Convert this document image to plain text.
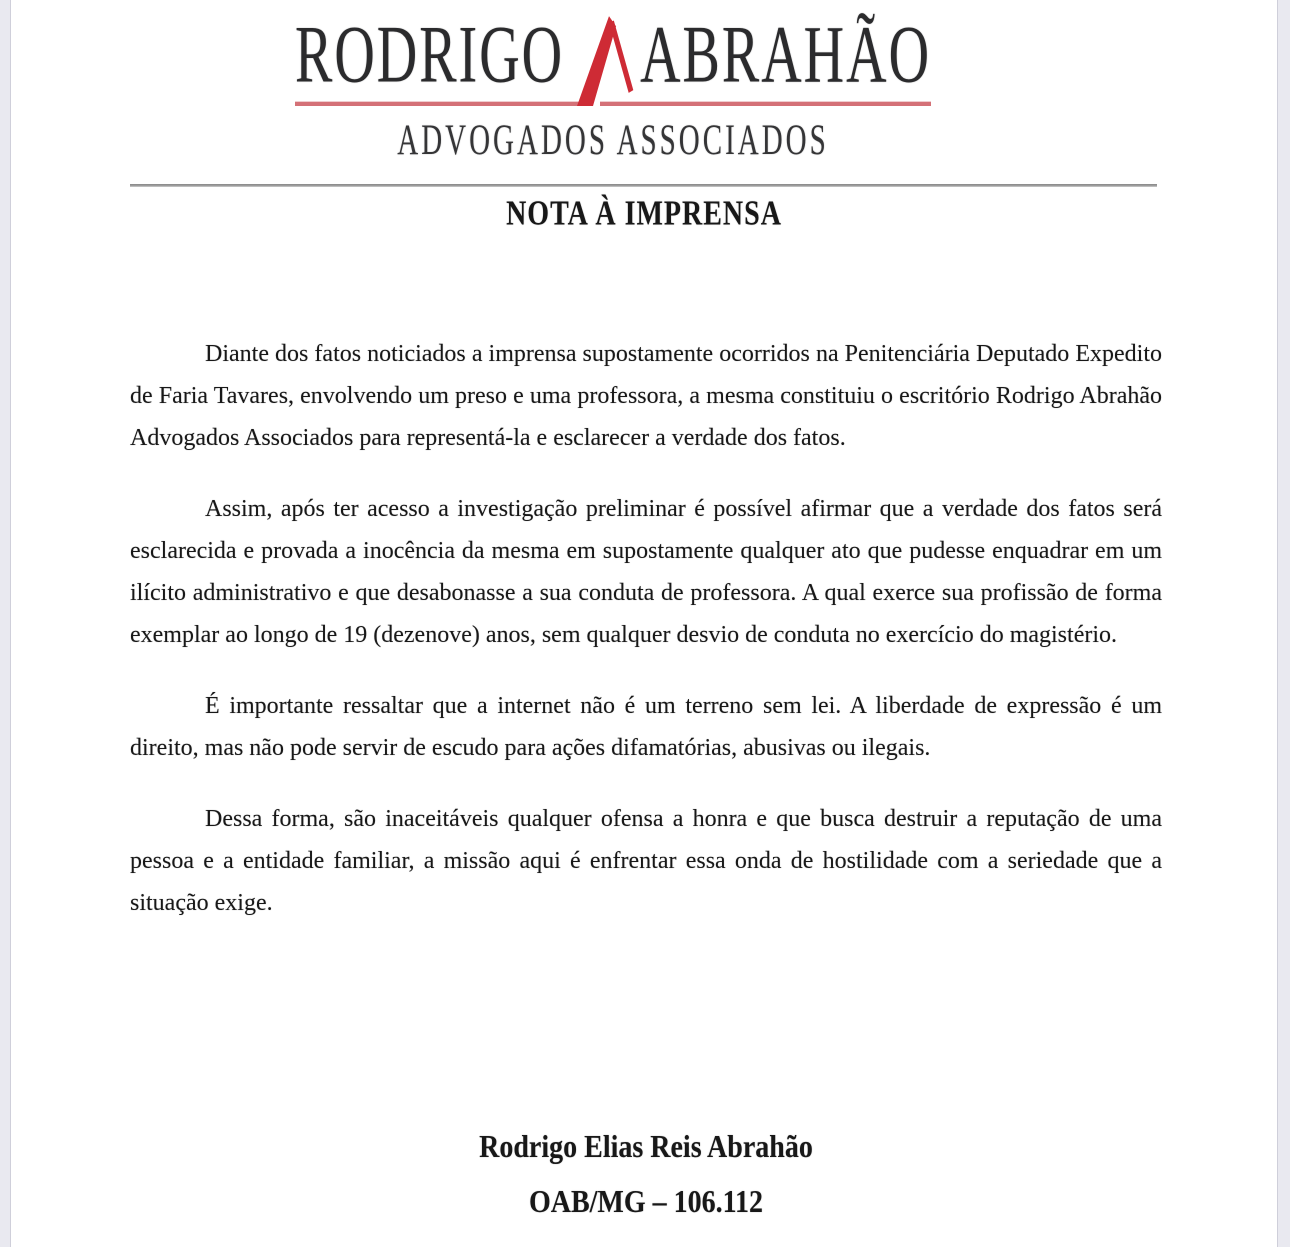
RODRIGO	ABRAHÃO
ADVOGADOS ASSOCIADOS
NOTA À IMPRENSA

Diante dos fatos noticiados a imprensa supostamente ocorridos na Penitenciária Deputado Expedito de Faria Tavares, envolvendo um preso e uma professora, a mesma constituiu o escritório Rodrigo Abrahão Advogados Associados para representá-la e esclarecer a verdade dos fatos.

Assim, após ter acesso a investigação preliminar é possível afirmar que a verdade dos fatos será esclarecida e provada a inocência da mesma em supostamente qualquer ato que pudesse enquadrar em um ilícito administrativo e que desabonasse a sua conduta de professora. A qual exerce sua profissão de forma exemplar ao longo de 19 (dezenove) anos, sem qualquer desvio de conduta no exercício do magistério.

É importante ressaltar que a internet não é um terreno sem lei. A liberdade de expressão é um direito, mas não pode servir de escudo para ações difamatórias, abusivas ou ilegais.

Dessa forma, são inaceitáveis qualquer ofensa a honra e que busca destruir a reputação de uma pessoa e a entidade familiar, a missão aqui é enfrentar essa onda de hostilidade com a seriedade que a situação exige.

Rodrigo Elias Reis Abrahão
OAB/MG – 106.112
